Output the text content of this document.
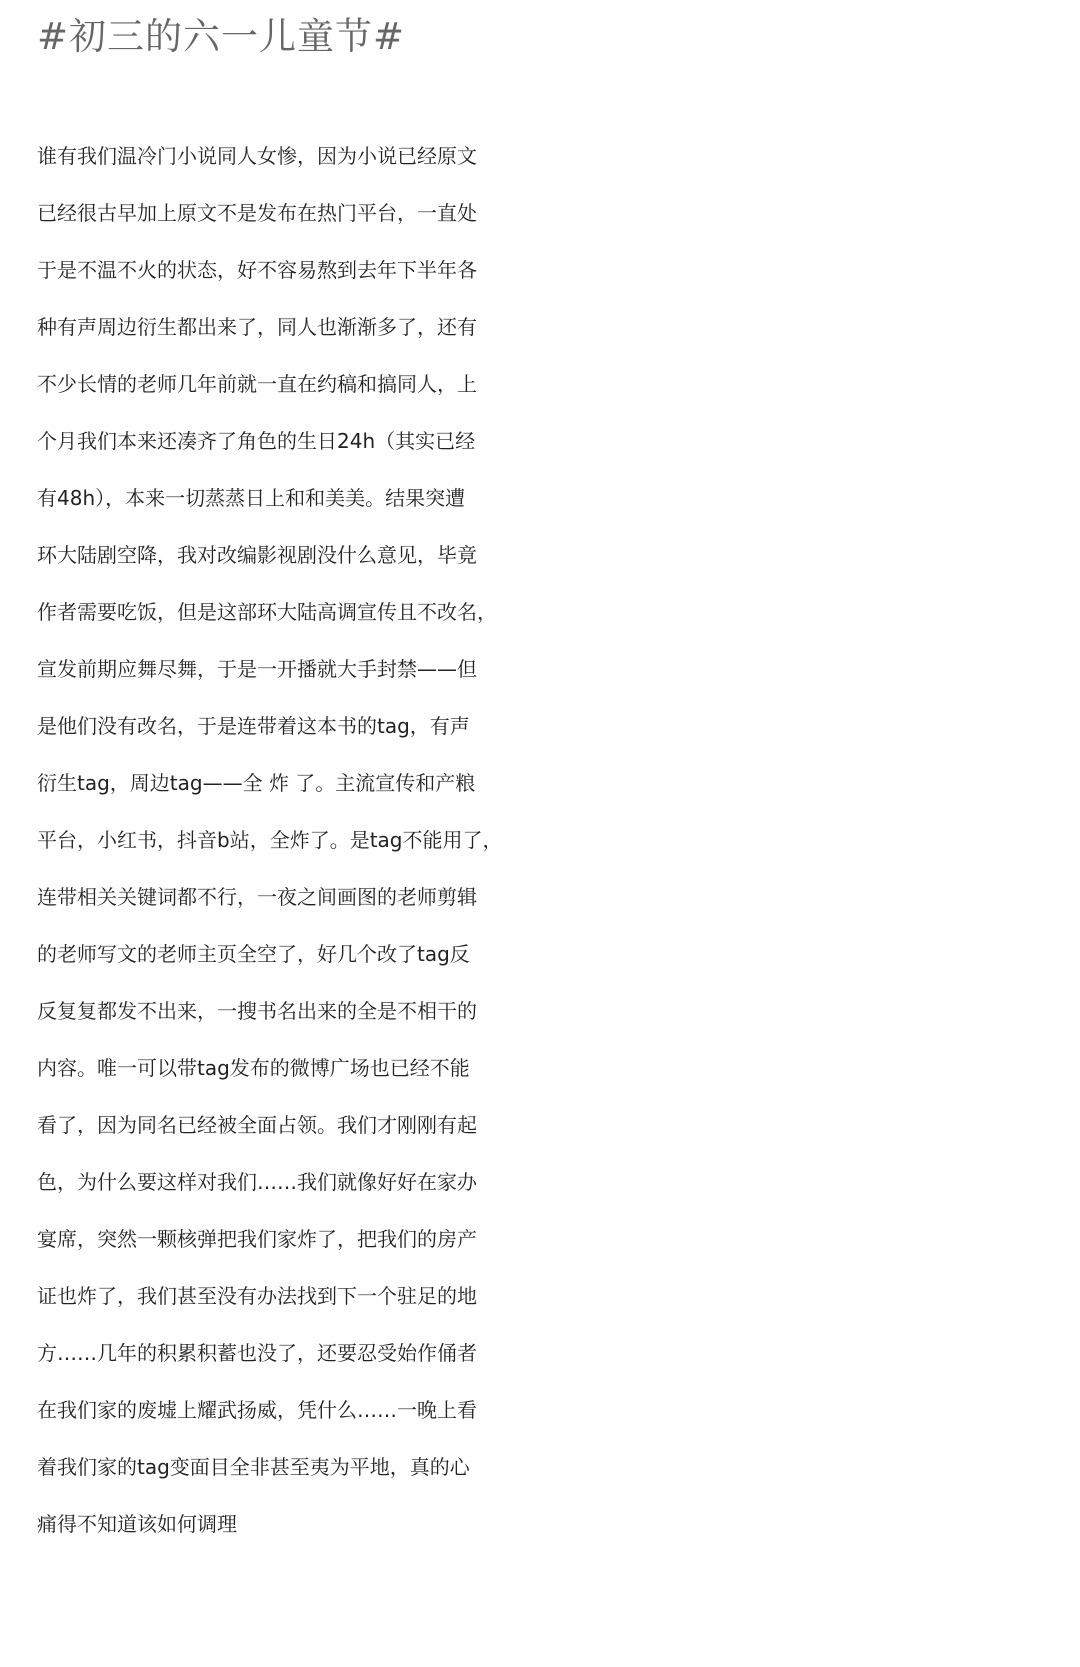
#初三的六一儿童节#
谁有我们温冷门小说同人女惨，因为小说已经原文
已经很古早加上原文不是发布在热门平台，一直处
于是不温不火的状态，好不容易熬到去年下半年各
种有声周边衍生都出来了，同人也渐渐多了，还有
不少长情的老师几年前就一直在约稿和搞同人，上
个月我们本来还凑齐了角色的生日24h（其实已经
有48h），本来一切蒸蒸日上和和美美。结果突遭
环大陆剧空降，我对改编影视剧没什么意见，毕竟
作者需要吃饭，但是这部环大陆高调宣传且不改名，
宣发前期应舞尽舞，于是一开播就大手封禁——但
是他们没有改名，于是连带着这本书的tag，有声
衍生tag，周边tag——全 炸 了。主流宣传和产粮
平台，小红书，抖音b站，全炸了。是tag不能用了，
连带相关关键词都不行，一夜之间画图的老师剪辑
的老师写文的老师主页全空了，好几个改了tag反
反复复都发不出来，一搜书名出来的全是不相干的
内容。唯一可以带tag发布的微博广场也已经不能
看了，因为同名已经被全面占领。我们才刚刚有起
色，为什么要这样对我们……我们就像好好在家办
宴席，突然一颗核弹把我们家炸了，把我们的房产
证也炸了，我们甚至没有办法找到下一个驻足的地
方……几年的积累积蓄也没了，还要忍受始作俑者
在我们家的废墟上耀武扬威，凭什么……一晚上看
着我们家的tag变面目全非甚至夷为平地，真的心
痛得不知道该如何调理
